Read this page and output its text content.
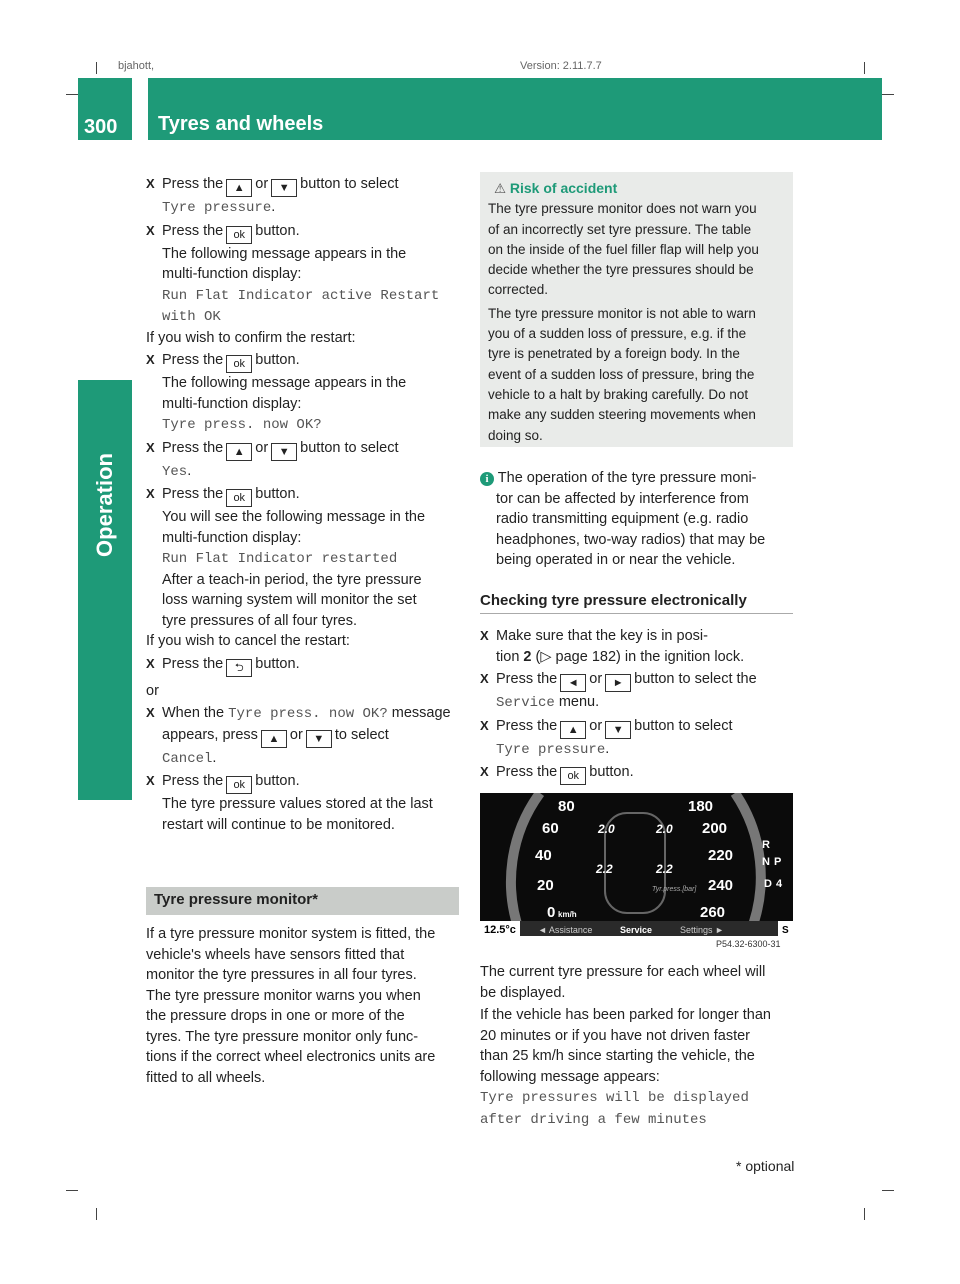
bjahott,	Version: 2.11.7.7
300 Tyres and wheels
Operation
X Press the ▲ or ▼ button to select
Tyre pressure.
X Press the ok button.
The following message appears in the
multi-function display:
Run Flat Indicator active Restart
with OK

If you wish to confirm the restart:

X Press the ok button.
The following message appears in the
multi-function display:
Tyre press. now OK?
X Press the ▲ or ▼ button to select
Yes.
X Press the ok button.
You will see the following message in the
multi-function display:
Run Flat Indicator restarted
After a teach-in period, the tyre pressure
loss warning system will monitor the set
tyre pressures of all four tyres.

If you wish to cancel the restart:

X Press the ⮌ button.

or

X When the Tyre press. now OK? message
appears, press ▲ or ▼ to select
Cancel.
X Press the ok button.
The tyre pressure values stored at the last
restart will continue to be monitored.
Tyre pressure monitor*
If a tyre pressure monitor system is fitted, the
vehicle's wheels have sensors fitted that
monitor the tyre pressures in all four tyres.
The tyre pressure monitor warns you when
the pressure drops in one or more of the
tyres. The tyre pressure monitor only func-
tions if the correct wheel electronics units are
fitted to all wheels.
⚠ Risk of accident
The tyre pressure monitor does not warn you
of an incorrectly set tyre pressure. The table
on the inside of the fuel filler flap will help you
decide whether the tyre pressures should be
corrected.
The tyre pressure monitor is not able to warn
you of a sudden loss of pressure, e.g. if the
tyre is penetrated by a foreign body. In the
event of a sudden loss of pressure, bring the
vehicle to a halt by braking carefully. Do not
make any sudden steering movements when
doing so.
i The operation of the tyre pressure moni-

tor can be affected by interference from
radio transmitting equipment (e.g. radio
headphones, two-way radios) that may be
being operated in or near the vehicle.
Checking tyre pressure electronically
X Make sure that the key is in posi-
tion 2 (▷ page 182) in the ignition lock.
X Press the ◄ or ► button to select the
Service menu.
X Press the ▲ or ▼ button to select
Tyre pressure.
X Press the ok button.
80
60
40
20
0 km/h
180
200
220
240
260
2.0	2.0
2.2	2.2
Tyr.press.[bar]
R
N P
D 4
12.5°c ◄ Assistance	Service	Settings ►	S
P54.32-6300-31
The current tyre pressure for each wheel will
be displayed.
If the vehicle has been parked for longer than
20 minutes or if you have not driven faster
than 25 km/h since starting the vehicle, the
following message appears:
Tyre pressures will be displayed
after driving a few minutes
* optional
